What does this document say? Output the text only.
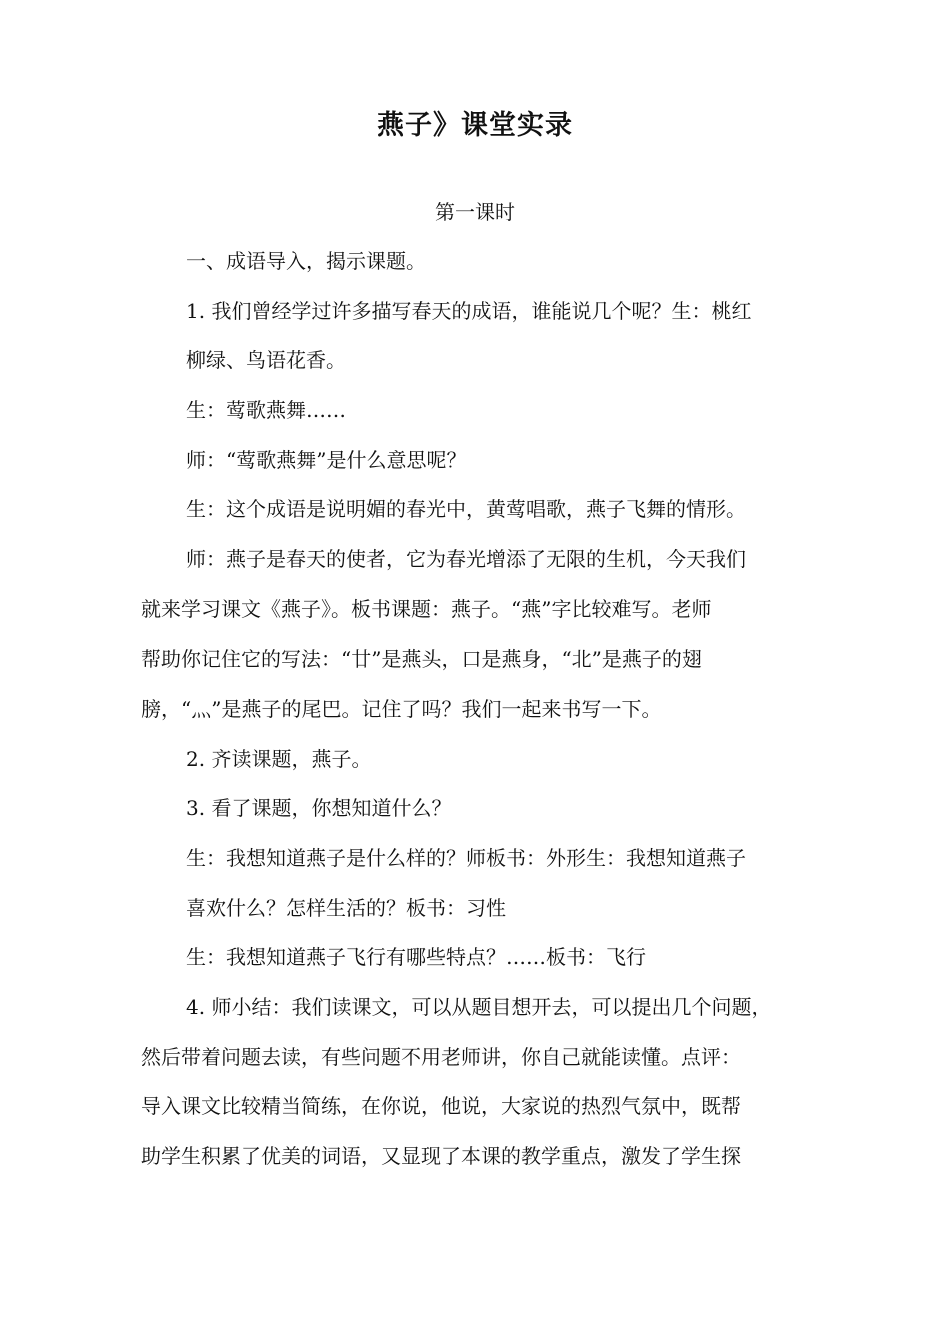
燕子》课堂实录
第一课时
一、成语导入，揭示课题。
1. 我们曾经学过许多描写春天的成语，谁能说几个呢？生：桃红
柳绿、鸟语花香。
生：莺歌燕舞……
师：“莺歌燕舞”是什么意思呢？
生：这个成语是说明媚的春光中，黄莺唱歌，燕子飞舞的情形。
师：燕子是春天的使者，它为春光增添了无限的生机，今天我们
就来学习课文《燕子》。板书课题：燕子。“燕”字比较难写。老师
帮助你记住它的写法：“廿”是燕头，口是燕身，“北”是燕子的翅
膀，“灬”是燕子的尾巴。记住了吗？我们一起来书写一下。
2. 齐读课题，燕子。
3. 看了课题，你想知道什么？
生：我想知道燕子是什么样的？师板书：外形生：我想知道燕子
喜欢什么？怎样生活的？板书：习性
生：我想知道燕子飞行有哪些特点？……板书：飞行
4. 师小结：我们读课文，可以从题目想开去，可以提出几个问题，
然后带着问题去读，有些问题不用老师讲，你自己就能读懂。点评：
导入课文比较精当简练，在你说，他说，大家说的热烈气氛中，既帮
助学生积累了优美的词语，又显现了本课的教学重点，激发了学生探
